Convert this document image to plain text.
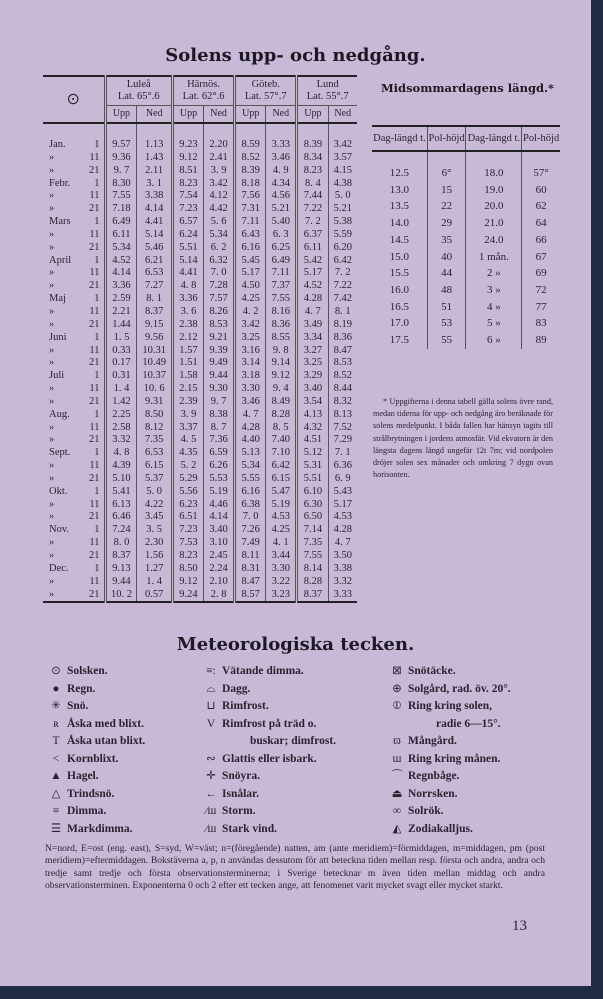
Solens upp- och nedgång.
⊙		Luleå
Lat. 65°.6		Härnös.
Lat. 62°.6		Göteb.
Lat. 57°.7		Lund
Lat. 55°.7	
		Upp	Ned	Upp	Ned	Upp	Ned	Upp	Ned

Jan.	1	9.57	1.13	9.23	2.20	8.59	3.33	8.39	3.42
»	11	9.36	1.43	9.12	2.41	8.52	3.46	8.34	3.57
»	21	9. 7	2.11	8.51	3. 9	8.39	4. 9	8.23	4.15
Febr.	1	8.30	3. 1	8.23	3.42	8.18	4.34	8. 4	4.38
»	11	7.55	3.38	7.54	4.12	7.56	4.56	7.44	5. 0
»	21	7.18	4.14	7.23	4.42	7.31	5.21	7.22	5.21
Mars	1	6.49	4.41	6.57	5. 6	7.11	5.40	7. 2	5.38
»	11	6.11	5.14	6.24	5.34	6.43	6. 3	6.37	5.59
»	21	5.34	5.46	5.51	6. 2	6.16	6.25	6.11	6.20
April	1	4.52	6.21	5.14	6.32	5.45	6.49	5.42	6.42
»	11	4.14	6.53	4.41	7. 0	5.17	7.11	5.17	7. 2
»	21	3.36	7.27	4. 8	7.28	4.50	7.37	4.52	7.22
Maj	1	2.59	8. 1	3.36	7.57	4.25	7.55	4.28	7.42
»	11	2.21	8.37	3. 6	8.26	4. 2	8.16	4. 7	8. 1
»	21	1.44	9.15	2.38	8.53	3.42	8.36	3.49	8.19
Juni	1	1. 5	9.56	2.12	9.21	3.25	8.55	3.34	8.36
»	11	0.33	10.31	1.57	9.39	3.16	9. 8	3.27	8.47
»	21	0.17	10.49	1.51	9.49	3.14	9.14	3.25	8.53
Juli	1	0.31	10.37	1.58	9.44	3.18	9.12	3.29	8.52
»	11	1. 4	10. 6	2.15	9.30	3.30	9. 4	3.40	8.44
»	21	1.42	9.31	2.39	9. 7	3.46	8.49	3.54	8.32
Aug.	1	2.25	8.50	3. 9	8.38	4. 7	8.28	4.13	8.13
»	11	2.58	8.12	3.37	8. 7	4.28	8. 5	4.32	7.52
»	21	3.32	7.35	4. 5	7.36	4.40	7.40	4.51	7.29
Sept.	1	4. 8	6.53	4.35	6.59	5.13	7.10	5.12	7. 1
»	11	4.39	6.15	5. 2	6.26	5.34	6.42	5.31	6.36
»	21	5.10	5.37	5.29	5.53	5.55	6.15	5.51	6. 9
Okt.	1	5.41	5. 0	5.56	5.19	6.16	5.47	6.10	5.43
»	11	6.13	4.22	6.23	4.46	6.38	5.19	6.30	5.17
»	21	6.46	3.45	6.51	4.14	7. 0	4.53	6.50	4.53
Nov.	1	7.24	3. 5	7.23	3.40	7.26	4.25	7.14	4.28
»	11	8. 0	2.30	7.53	3.10	7.49	4. 1	7.35	4. 7
»	21	8.37	1.56	8.23	2.45	8.11	3.44	7.55	3.50
Dec.	1	9.13	1.27	8.50	2.24	8.31	3.30	8.14	3.38
»	11	9.44	1. 4	9.12	2.10	8.47	3.22	8.28	3.32
»	21	10. 2	0.57	9.24	2. 8	8.57	3.23	8.37	3.33
Midsommardagens längd.*
Dag-längd t.	Pol-höjd	Dag-längd t.	Pol-höjd

12.5	6°	18.0	57°
13.0	15	19.0	60
13.5	22	20.0	62
14.0	29	21.0	64
14.5	35	24.0	66
15.0	40	1 mån.	67
15.5	44	2 »	69
16.0	48	3 »	72
16.5	51	4 »	77
17.0	53	5 »	83
17.5	55	6 »	89
* Uppgifterna i denna tabell gälla solens övre rand, medan tiderna för upp- och nedgång äro beräknade för solens medelpunkt. I båda fallen har hänsyn tagits till strålbrytningen i jordens atmosfär. Vid ekvatorn är den längsta dagens längd ungefär 12t 7m; vid nordpolen dröjer solen sex månader och omkring 7 dygn ovan horisonten.
Meteorologiska tecken.
⊙ Solsken.
● Regn.
✳ Snö.
ʀ Åska med blixt.
T Åska utan blixt.
< Kornblixt.
▲ Hagel.
△ Trindsnö.
≡ Dimma.
☰ Markdimma.
≡: Vätande dimma.
⌓ Dagg.
⊔ Rimfrost.
V Rimfrost på träd o.
buskar; dimfrost.
∾ Glattis eller isbark.
✛ Snöyra.
← Isnålar.
⁄ш Storm.
⁄ш Stark vind.
⊠ Snötäcke.
⊕ Solgård, rad. öv. 20°.
⦶ Ring kring solen,
radie 6—15°.
ϖ Mångård.
ɯ Ring kring månen.
⌒ Regnbåge.
⏏ Norrsken.
∞ Solrök.
◭ Zodiakalljus.
N=nord, E=ost (eng. east), S=syd, W=väst; n=(föregående) natten, am (ante meridiem)=förmiddagen, m=middagen, pm (post meridiem)=eftermiddagen. Bokstäverna a, p, n användas dessutom för att beteckna tiden mellan resp. första och andra, andra och tredje samt tredje och första observationsterminerna; i Sverige betecknar m även tiden mellan middag och andra observationsterminen. Exponenterna 0 och 2 efter ett tecken ange, att fenomenet varit mycket svagt eller mycket starkt.
13
